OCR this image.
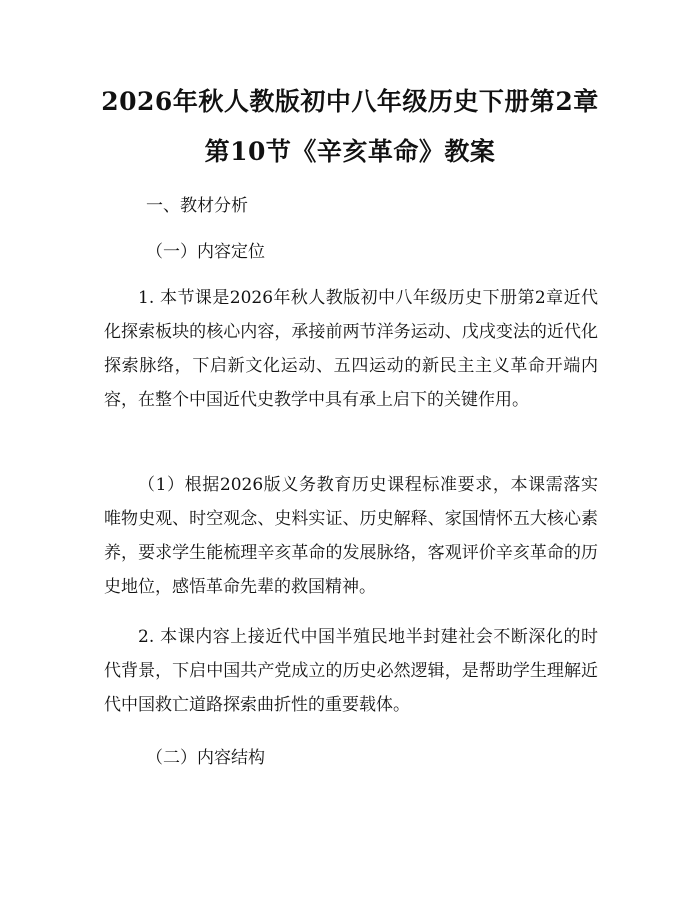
2026年秋人教版初中八年级历史下册第2章
第10节《辛亥革命》教案
一、教材分析
（一）内容定位
1. 本节课是2026年秋人教版初中八年级历史下册第2章近代化探索板块的核心内容，承接前两节洋务运动、戊戌变法的近代化探索脉络，下启新文化运动、五四运动的新民主主义革命开端内容，在整个中国近代史教学中具有承上启下的关键作用。
（1）根据2026版义务教育历史课程标准要求，本课需落实唯物史观、时空观念、史料实证、历史解释、家国情怀五大核心素养，要求学生能梳理辛亥革命的发展脉络，客观评价辛亥革命的历史地位，感悟革命先辈的救国精神。
2. 本课内容上接近代中国半殖民地半封建社会不断深化的时代背景，下启中国共产党成立的历史必然逻辑，是帮助学生理解近代中国救亡道路探索曲折性的重要载体。
（二）内容结构
